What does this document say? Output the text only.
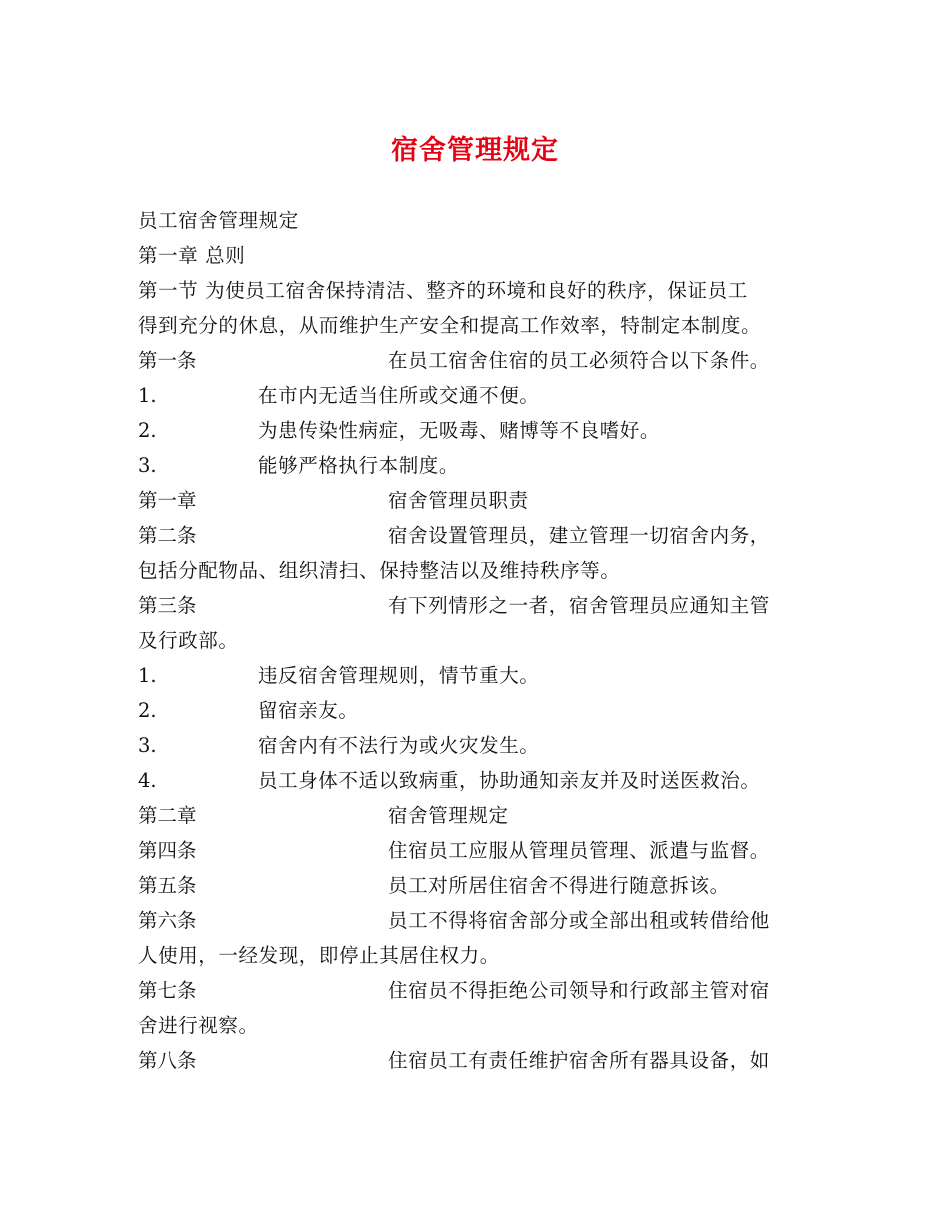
宿舍管理规定
员工宿舍管理规定
第一章 总则
第一节 为使员工宿舍保持清洁、整齐的环境和良好的秩序，保证员工
得到充分的休息，从而维护生产安全和提高工作效率，特制定本制度。
第一条	在员工宿舍住宿的员工必须符合以下条件。
1.	在市内无适当住所或交通不便。
2.	为患传染性病症，无吸毒、赌博等不良嗜好。
3.	能够严格执行本制度。
第一章	宿舍管理员职责
第二条	宿舍设置管理员，建立管理一切宿舍内务，
包括分配物品、组织清扫、保持整洁以及维持秩序等。
第三条	有下列情形之一者，宿舍管理员应通知主管
及行政部。
1.	违反宿舍管理规则，情节重大。
2.	留宿亲友。
3.	宿舍内有不法行为或火灾发生。
4.	员工身体不适以致病重，协助通知亲友并及时送医救治。
第二章	宿舍管理规定
第四条	住宿员工应服从管理员管理、派遣与监督。
第五条	员工对所居住宿舍不得进行随意拆该。
第六条	员工不得将宿舍部分或全部出租或转借给他
人使用，一经发现，即停止其居住权力。
第七条	住宿员不得拒绝公司领导和行政部主管对宿
舍进行视察。
第八条	住宿员工有责任维护宿舍所有器具设备，如
